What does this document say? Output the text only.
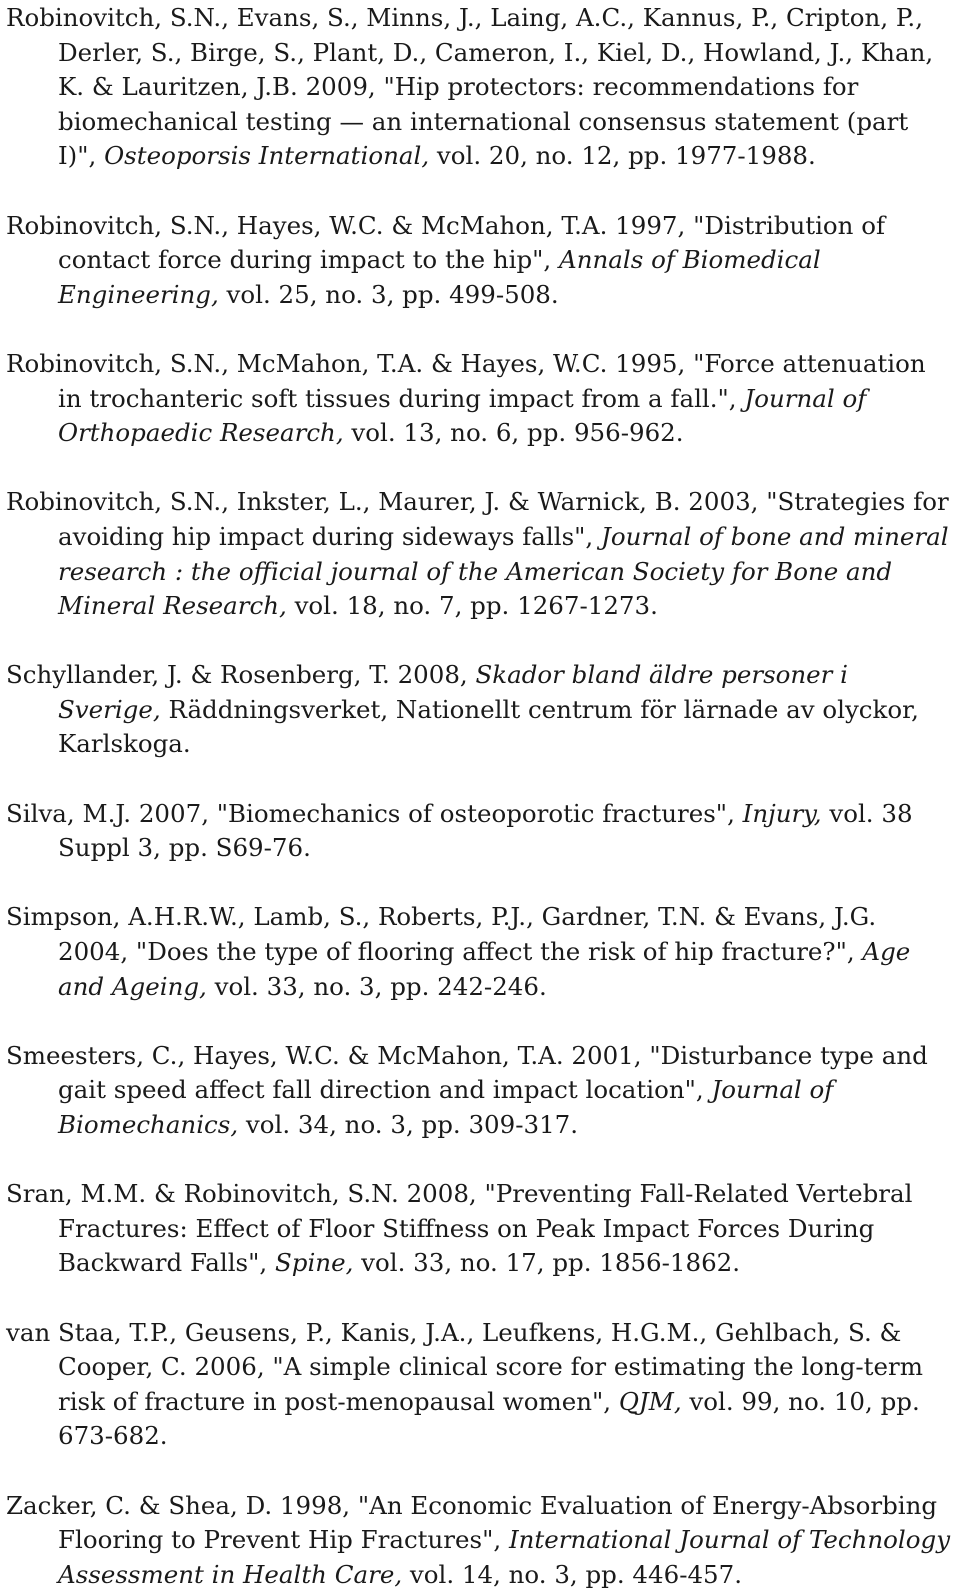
Robinovitch, S.N., Evans, S., Minns, J., Laing, A.C., Kannus, P., Cripton, P., Derler, S., Birge, S., Plant, D., Cameron, I., Kiel, D., Howland, J., Khan, K. & Lauritzen, J.B. 2009, "Hip protectors: recommendations for biomechanical testing — an international consensus statement (part I)", Osteoporsis International, vol. 20, no. 12, pp. 1977-1988.

Robinovitch, S.N., Hayes, W.C. & McMahon, T.A. 1997, "Distribution of contact force during impact to the hip", Annals of Biomedical Engineering, vol. 25, no. 3, pp. 499-508.

Robinovitch, S.N., McMahon, T.A. & Hayes, W.C. 1995, "Force attenuation in trochanteric soft tissues during impact from a fall.", Journal of Orthopaedic Research, vol. 13, no. 6, pp. 956-962.

Robinovitch, S.N., Inkster, L., Maurer, J. & Warnick, B. 2003, "Strategies for avoiding hip impact during sideways falls", Journal of bone and mineral research : the official journal of the American Society for Bone and Mineral Research, vol. 18, no. 7, pp. 1267-1273.

Schyllander, J. & Rosenberg, T. 2008, Skador bland äldre personer i Sverige, Räddningsverket, Nationellt centrum för lärnade av olyckor, Karlskoga.

Silva, M.J. 2007, "Biomechanics of osteoporotic fractures", Injury, vol. 38 Suppl 3, pp. S69-76.

Simpson, A.H.R.W., Lamb, S., Roberts, P.J., Gardner, T.N. & Evans, J.G. 2004, "Does the type of flooring affect the risk of hip fracture?", Age and Ageing, vol. 33, no. 3, pp. 242-246.

Smeesters, C., Hayes, W.C. & McMahon, T.A. 2001, "Disturbance type and gait speed affect fall direction and impact location", Journal of Biomechanics, vol. 34, no. 3, pp. 309-317.

Sran, M.M. & Robinovitch, S.N. 2008, "Preventing Fall-Related Vertebral Fractures: Effect of Floor Stiffness on Peak Impact Forces During Backward Falls", Spine, vol. 33, no. 17, pp. 1856-1862.

van Staa, T.P., Geusens, P., Kanis, J.A., Leufkens, H.G.M., Gehlbach, S. & Cooper, C. 2006, "A simple clinical score for estimating the long-term risk of fracture in post-menopausal women", QJM, vol. 99, no. 10, pp. 673-682.

Zacker, C. & Shea, D. 1998, "An Economic Evaluation of Energy-Absorbing Flooring to Prevent Hip Fractures", International Journal of Technology Assessment in Health Care, vol. 14, no. 3, pp. 446-457.
